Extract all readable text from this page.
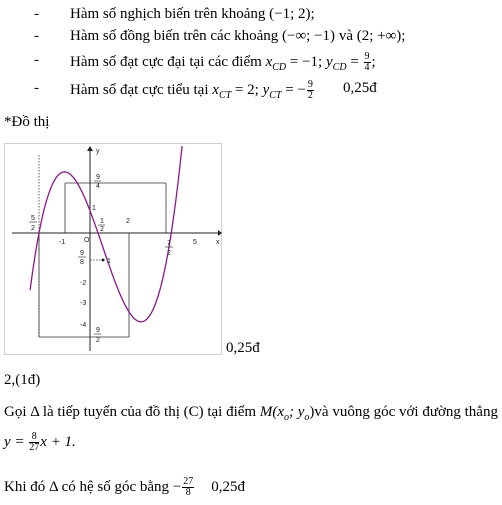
- Hàm số nghịch biến trên khoảng (−1; 2);
- Hàm số đồng biến trên các khoảng (−∞; −1) và (2; +∞);
- Hàm số đạt cực đại tại các điểm $x_{CD} = -1$; $y_{CD} = \frac{9}{4}$ ;
- Hàm số đạt cực tiểu tại $x_{CT} = 2$; $y_{CT}$ = − $\frac{9}{2}$ 0,25đ
*Đồ thị
x
y
O
5
2
-1
1
2
2
7
2
5
9
4
1
9
8	1
-2
-3
-4
9
2	0,25đ
2,(1đ)
Gọi Δ là tiếp tuyến của đồ thị (C) tại điểm $M(x_o$; $y_o)và$ vuông góc với đường thẳng
$y = \frac{8}{27}$ x + 1.
Khi đó Δ có hệ số góc bằng − $\frac{27}{8}$ 0,25đ
